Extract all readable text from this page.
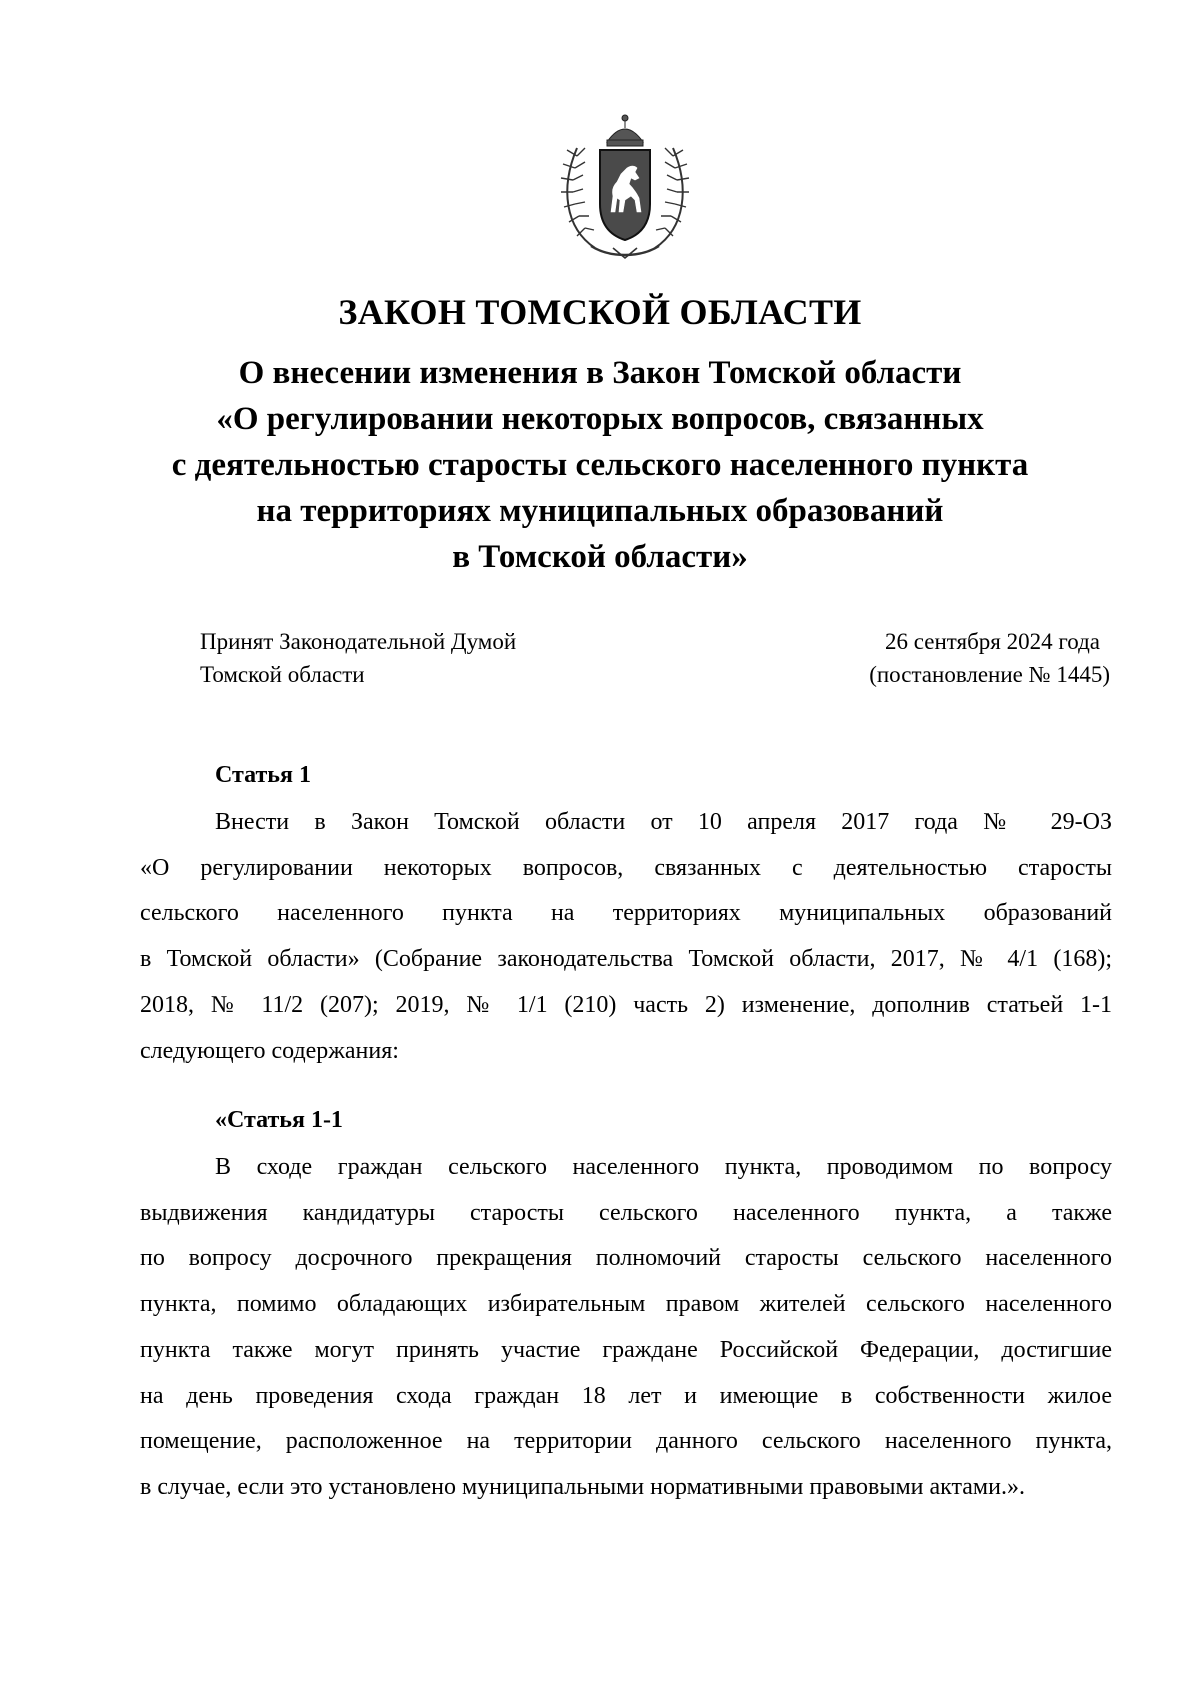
ЗАКОН ТОМСКОЙ ОБЛАСТИ
О внесении изменения в Закон Томской области
«О регулировании некоторых вопросов, связанных
с деятельностью старосты сельского населенного пункта
на территориях муниципальных образований
в Томской области»
Принят Законодательной Думой
Томской области
26 сентября 2024 года
(постановление № 1445)
Статья 1
Внести в Закон Томской области от 10 апреля 2017 года № 29-ОЗ
«О регулировании некоторых вопросов, связанных с деятельностью старосты
сельского населенного пункта на территориях муниципальных образований
в Томской области» (Собрание законодательства Томской области, 2017, № 4/1 (168);
2018, № 11/2 (207); 2019, № 1/1 (210) часть 2) изменение, дополнив статьей 1-1
следующего содержания:
«Статья 1-1
В сходе граждан сельского населенного пункта, проводимом по вопросу
выдвижения кандидатуры старосты сельского населенного пункта, а также
по вопросу досрочного прекращения полномочий старосты сельского населенного
пункта, помимо обладающих избирательным правом жителей сельского населенного
пункта также могут принять участие граждане Российской Федерации, достигшие
на день проведения схода граждан 18 лет и имеющие в собственности жилое
помещение, расположенное на территории данного сельского населенного пункта,
в случае, если это установлено муниципальными нормативными правовыми актами.».
